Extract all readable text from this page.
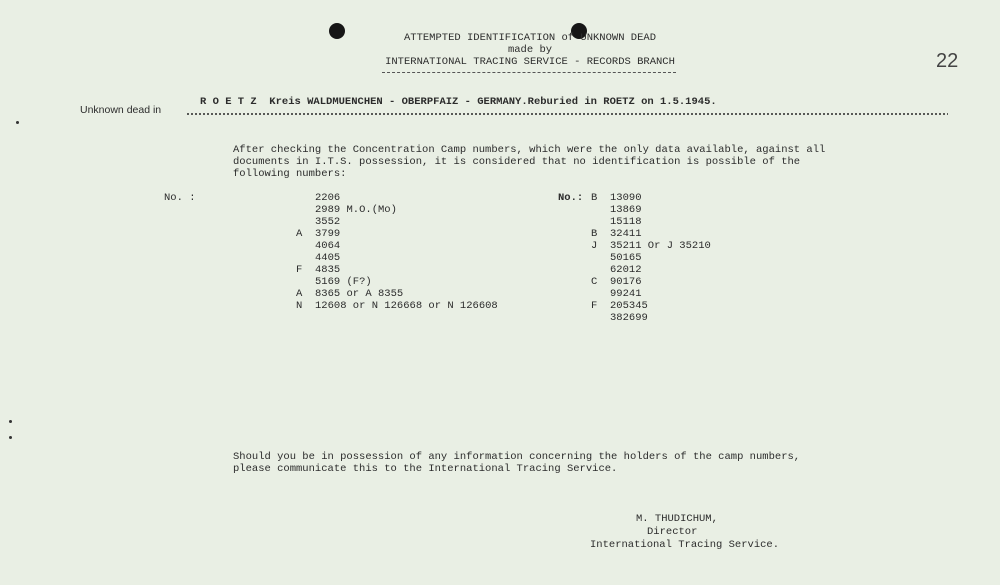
ATTEMPTED IDENTIFICATION of UNKNOWN DEAD
made by
INTERNATIONAL TRACING SERVICE - RECORDS BRANCH	22
Unknown dead in
R O E T Z  Kreis WALDMUENCHEN - OBERPFAIZ - GERMANY.Reburied in ROETZ on 1.5.1945.
After checking the Concentration Camp numbers, which were the only data available, against all
documents in I.T.S. possession, it is considered that no identification is possible of the
following numbers:
No. :	2206
2989 M.O.(Mo)
3552
A 3799
4064
4405
F 4835
5169 (F?)
A 8365 or A 8355
N 12608 or N 126668 or N 126608
No.: B 13090
13869
15118
B 32411
J 35211 Or J 35210
50165
62012
C 90176
99241
F 205345
382699
Should you be in possession of any information concerning the holders of the camp numbers,
please communicate this to the International Tracing Service.
M. THUDICHUM,
Director
International Tracing Service.
